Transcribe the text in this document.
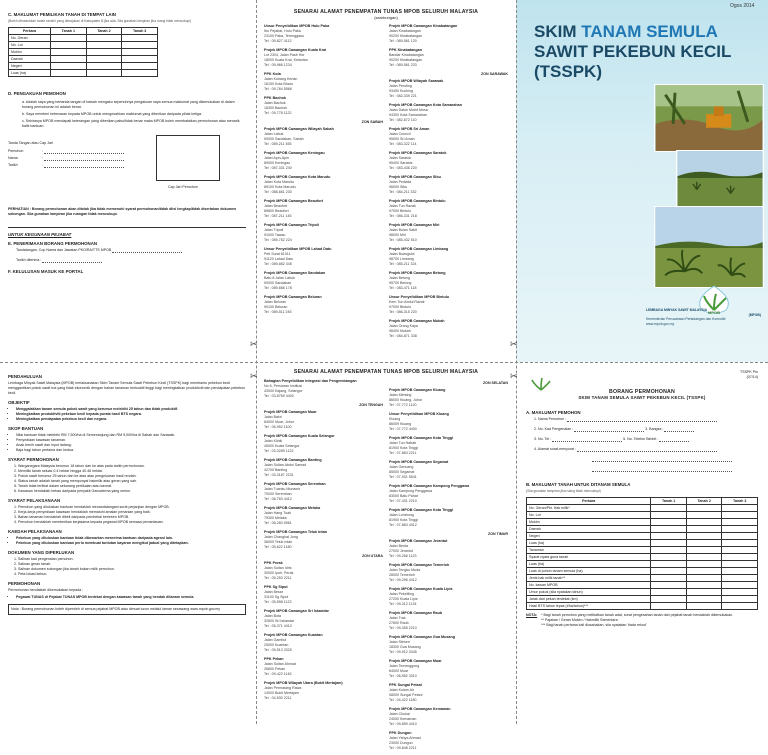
C. MAKLUMAT PEMILIKAN TANAH DI TEMPAT LAIN
(Boleh dimasukkan tanah sendiri yang dimajukan di Kabupaten B jika ada. Sila gunakan lampiran jika ruang tidak mencukupi)
Perkara	Tanah 1	Tanah 2	Tanah 3
No. Geran			
No. Lot			
Mukim			
Daerah			
Negeri			
Luas (ha)			
D. PENGAKUAN PEMOHON
a. Adalah saya yang bertanda tangan di bawah mengaku sepenuhnya pengakuan saya semua maklumat yang dikemukakan di dalam borang permohonan ini adalah benar.
b. Saya memberi kebenaran kepada MPOB untuk mengesahkan maklumat yang diberikan daripada pihak ketiga.
c. Sekiranya MPOB mendapati keterangan yang diberikan palsu/tidak benar maka MPOB boleh membatalkan permohonan atau menarik balik bantuan.
Tanda Tangan atau Cap Jari
Pemohon	:
Nama	:
Tarikh	:
Cap Jari Pemohon
PERHATIAN : Borang permohonan akan ditolak jika tidak memenuhi syarat permohonan/tidak diisi lengkap/tidak disertakan dokumen sokongan. Sila gunakan lampiran jika ruangan tidak mencukupi.
UNTUK KEGUNAAN PEJABAT
E. PENERIMAAN BORANG PERMOHONAN
Tandatangan, Cop Nama dan Jawatan PKO/RA/TTS MPOB
Tarikh diterima :
F. KELULUSAN MASUK KE PORTAL
SENARAI ALAMAT PENEMPATAN TUNAS MPOB SELURUH MALAYSIA
(sambungan)
Unsur Penyelidikan MPOB Hulu Paka
Ibu Pejabat, Hulu Paka
23100 Paka, Terengganu
Tel : 09-827 4112
Projek MPOB Cawangan Kuala Krai
Lot 2304, Jalan Pasir Hor
18000 Kuala Krai, Kelantan
Tel : 09-966 1234
PPK Kota
Jalan Kubang Kerian
16150 Kota Bharu
Tel : 09-764 5566
PPK Bachok
Jalan Bachok
16300 Bachok
Tel : 09-778 1122
ZON SABAH
Projek MPOB Cawangan Wilayah Sabah
Jalan Labuk
90000 Sandakan, Sabah
Tel : 089-211 455
Projek MPOB Cawangan Keningau
Jalan Apin-Apin
89000 Keningau
Tel : 087-331 240
Projek MPOB Cawangan Kota Marudu
Jalan Kota Marudu
89100 Kota Marudu
Tel : 088-661 230
Projek MPOB Cawangan Beaufort
Jalan Beaufort
89800 Beaufort
Tel : 087-211 145
Projek MPOB Cawangan Tripoli
Jalan Tripoli
91000 Tawau
Tel : 089-752 224
Unsur Penyelidikan MPOB Lahad Datu
Peti Surat 61011
91120 Lahad Datu
Tel : 089-882 345
Projek MPOB Cawangan Sandakan
Batu 8 Jalan Labuk
90000 Sandakan
Tel : 089-666 178
Projek MPOB Cawangan Beluran
Jalan Beluran
90100 Beluran
Tel : 089-511 245
Projek MPOB Cawangan Kinabatangan
Jalan Kinabatangan
90200 Kinabatangan
Tel : 089-561 120
PPK Kinabatangan
Bandar Kinabatangan
90200 Kinabatangan
Tel : 089-561 233
ZON SARAWAK
Projek MPOB Wilayah Sarawak
Jalan Pending
93450 Kuching
Tel : 082-339 221
Projek MPOB Cawangan Kota Samarahan
Jalan Datuk Mohd Musa
94300 Kota Samarahan
Tel : 082-672 110
Projek MPOB Sri Aman
Jalan Council
95000 Sri Aman
Tel : 083-322 114
Projek MPOB Cawangan Saratok
Jalan Saratok
95400 Saratok
Tel : 083-436 220
Projek MPOB Cawangan Sibu
Jalan Pedada
96000 Sibu
Tel : 084-211 332
Projek MPOB Cawangan Bintulu
Jalan Tun Razak
97000 Bintulu
Tel : 086-331 218
Projek MPOB Cawangan Miri
Jalan Bulan Sabit
98000 Miri
Tel : 085-432 510
Projek MPOB Cawangan Limbang
Jalan Buangsiol
98700 Limbang
Tel : 085-211 324
Projek MPOB Cawangan Betong
Jalan Betong
95700 Betong
Tel : 083-471 118
Unsur Penyelidikan MPOB Bintulu
Kem Tun Abdul Razak
97000 Bintulu
Tel : 086-315 220
Projek MPOB Cawangan Mukah
Jalan Orang Kaya
96400 Mukah
Tel : 084-871 338
Ogos 2014
SKIM TANAM SEMULA
SAWIT PEKEBUN KECIL
(TSSPK)
MPOB
LEMBAGA MINYAK SAWIT MALAYSIA
(MPOB)
Kementerian Perusahaan Perladangan dan Komoditi
www.mpob.gov.my
PENDAHULUAN
Lembaga Minyak Sawit Malaysia (MPOB) melaksanakan Skim Tanam Semula Sawit Pekebun Kecil (TSSPK) bagi membantu pekebun kecil menggantikan pokok sawit tua yang tidak ekonomik dengan bahan tanaman berkualiti tinggi bagi meningkatkan produktiviti dan pendapatan pekebun kecil.
OBJEKTIF
• Menggalakkan tanam semula pokok sawit yang berumur melebihi 25 tahun dan tidak produktif.
• Meningkatkan produktiviti pekebun kecil kepada purata hasil BTS negara.
• Meningkatkan pendapatan pekebun kecil dan negara.
SKOP BANTUAN
• Nilai bantuan tidak melebihi RM 7,500/ha di Semenanjung dan RM 9,000/ha di Sabah dan Sarawak.
• Penyediaan kawasan tanaman.
• Anak benih sawit dan input ladang.
• Baja bagi tahun pertama dan kedua.
SYARAT PERMOHONAN
1. Warganegara Malaysia berumur 18 tahun dan ke atas pada tarikh permohonan.
2. Memiliki tanah seluas 0.4 hektar hingga 40.46 hektar.
3. Pokok sawit berumur 25 tahun dan ke atas atau pengeluaran hasil rendah.
4. Status tanah adalah tanah yang mempunyai hakmilik atau geran yang sah.
5. Tanah tidak terlibat dalam sebarang pertikaian atau kaveat.
6. Kawasan hendaklah bebas daripada penyakit Ganoderma yang serius.
SYARAT PELAKSANAAN
1. Pemohon yang diluluskan bantuan hendaklah menandatangani surat perjanjian dengan MPOB.
2. Kerja-kerja penyediaan kawasan hendaklah mematuhi amalan pertanian yang baik.
3. Bahan tanaman hendaklah dibeli daripada pembekal berlesen MPOB.
4. Pemohon hendaklah memberikan kerjasama kepada pegawai MPOB semasa pemantauan.
KAEDAH PELAKSANAAN
• Pekebun yang diluluskan bantuan tidak dibenarkan menerima bantuan daripada agensi lain.
• Pekebun yang diluluskan bantuan perlu membuat tuntutan bayaran mengikut jadual yang ditetapkan.
DOKUMEN YANG DIPERLUKAN
1. Salinan kad pengenalan pemohon.
2. Salinan geran tanah.
3. Salinan dokumen sokongan jika tanah bukan milik pemohon.
4. Peta lokasi kebun.
PERMOHONAN
Permohonan hendaklah dikemukakan kepada :
• Pegawai TUNAS di Pejabat TUNAS MPOB terdekat dengan kawasan tanah yang hendak ditanam semula.
Nota : Borang permohonan boleh diperoleh di semua pejabat MPOB atau dimuat turun melalui laman sesawang www.mpob.gov.my
SENARAI ALAMAT PENEMPATAN TUNAS MPOB SELURUH MALAYSIA
Bahagian Penyelidikan Integrasi dan Pengembangan
No 6, Persiaran Institusi
43000 Kajang, Selangor
Tel : 03-8769 4400
ZON TENGAH
Projek MPOB Cawangan Muar
Jalan Bakri
84000 Muar, Johor
Tel : 06-952 1100
Projek MPOB Cawangan Kuala Selangor
Jalan Klinik
45000 Kuala Selangor
Tel : 03-3289 1122
Projek MPOB Cawangan Banting
Jalan Sultan Abdul Samad
42700 Banting
Tel : 03-3187 2231
Projek MPOB Cawangan Seremban
Jalan Tuanku Munawir
70000 Seremban
Tel : 06-763 4412
Projek MPOB Cawangan Melaka
Jalan Hang Tuah
75300 Melaka
Tel : 06-283 5561
Projek MPOB Cawangan Teluk Intan
Jalan Changkat Jong
36000 Teluk Intan
Tel : 05-622 1180
ZON UTARA
PPK Perak
Jalan Sultan Idris
30000 Ipoh, Perak
Tel : 05-253 2211
PPK Sg Siput
Jalan Besar
31100 Sg Siput
Tel : 05-598 1123
Projek MPOB Cawangan Sri Iskandar
Jalan Bota
32600 Sri Iskandar
Tel : 05-371 4410
Projek MPOB Cawangan Kuantan
Jalan Gambut
25000 Kuantan
Tel : 09-513 3325
PPK Pekan
Jalan Sultan Ahmad
26600 Pekan
Tel : 09-422 1145
Projek MPOB Wilayah Utara (Bukit Mertajam)
Jalan Permatang Rawa
14000 Bukit Mertajam
Tel : 04-530 2211
ZON SELATAN
Projek MPOB Cawangan Kluang
Jalan Mersing
86000 Kluang, Johor
Tel : 07-772 1120
Unsur Penyelidikan MPOB Kluang
Kluang
86009 Kluang
Tel : 07-772 4400
Projek MPOB Cawangan Kota Tinggi
Jalan Tun Habab
81900 Kota Tinggi
Tel : 07-883 2211
Projek MPOB Cawangan Segamat
Jalan Genuang
85000 Segamat
Tel : 07-931 5541
Projek MPOB Cawangan Kampong Penggawa
Jalan Kampung Penggawa
83000 Batu Pahat
Tel : 07-431 2210
Projek MPOB Cawangan Kota Tinggi
Jalan Lombong
81900 Kota Tinggi
Tel : 07-883 4412
ZON TIMUR
Projek MPOB Cawangan Jerantut
Jalan Benta
27000 Jerantut
Tel : 09-266 1123
Projek MPOB Cawangan Temerloh
Jalan Tengku Muda
28000 Temerloh
Tel : 09-296 4412
Projek MPOB Cawangan Kuala Lipis
Jalan Pekeliling
27200 Kuala Lipis
Tel : 09-312 1134
Projek MPOB Cawangan Raub
Jalan Tras
27600 Raub
Tel : 09-355 2210
Projek MPOB Cawangan Gua Musang
Jalan Stesen
18300 Gua Musang
Tel : 09-912 3345
Projek MPOB Cawangan Muar
Jalan Temenggong
84000 Muar
Tel : 06-952 3310
PPK Sungai Petani
Jalan Kolam Air
08000 Sungai Petani
Tel : 04-422 1180
Projek MPOB Cawangan Kemaman
Jalan Chukai
24000 Kemaman
Tel : 09-859 4410
PPK Dungun
Jalan Yahya Ahmad
23000 Dungun
Tel : 09-848 2211
TSSPK Pin
(07/14)
BORANG PERMOHONAN
SKIM TANAM SEMULA SAWIT PEKEBUN KECIL (TSSPK)
A. MAKLUMAT PEMOHON
1. Nama Pemohon :
2. No. Kad Pengenalan :	3. Bangsa :
3. No. Tel :	5. No. Telefon Bimbit :
4. Alamat surat-menyurat :
B. MAKLUMAT TANAH UNTUK DITANAM SEMULA
(Sila gunakan lampiran jika ruang tidak mencukupi)
Perkara	Tanah 1	Tanah 2	Tanah 3
No. Geran/Pkt. Hak milik*			
No. Lot			
Mukim			
Daerah			
Negeri			
Luas (ha)			
Tanaman			
Syarat nyata guna tanah			
Luas (ha)			
Luas di pohon tanam semula (ha)			
Jenis hak milik tanah**			
No. kawan MPOB			
Umur pokok (sila nyatakan tahun)			
Jarak dari pekan terdekat (km)			
Hasil BTS tahun lepas (t/ha/tahun)***			
NOTA: * Bagi tanah pemohon yang melibatkan tanah adat, surat pengesahan tanah dari pejabat tanah hendaklah dikemukakan.
** Pajakan / Geran Mukim / Hakmilik Sementara
*** Bagi tanah pertama kali diusahakan, sila nyatakan 'tiada rekod'
✂	✂
✂	✂
